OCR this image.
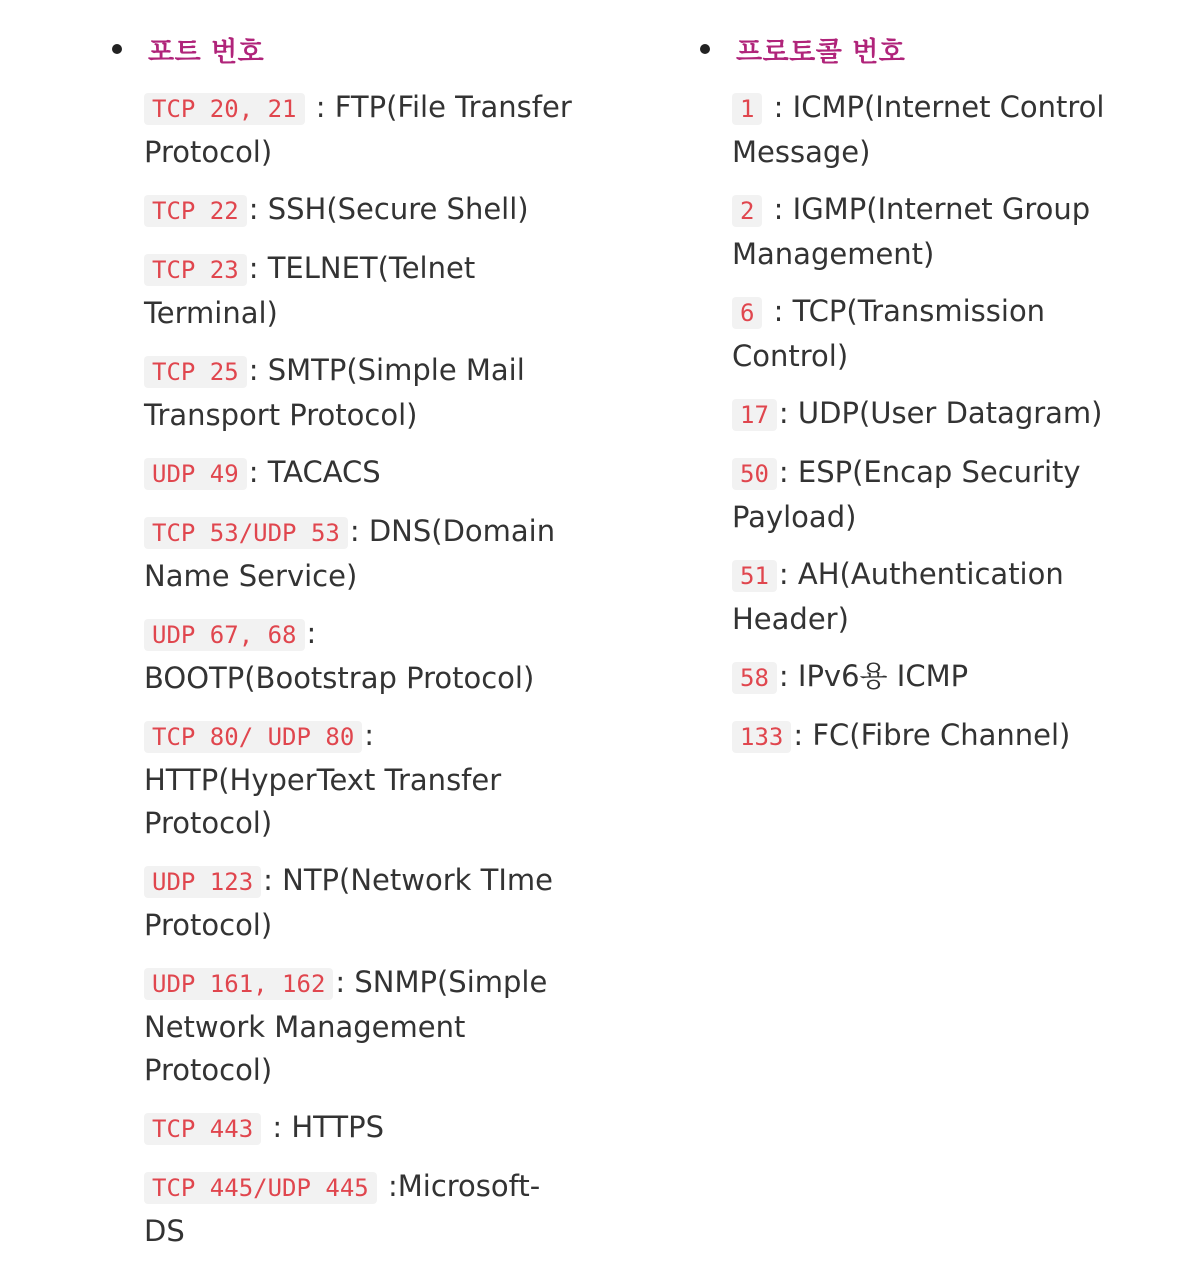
포트 번호
TCP 20, 21 : FTP(File Transfer Protocol)
TCP 22 : SSH(Secure Shell)
TCP 23 : TELNET(Telnet Terminal)
TCP 25 : SMTP(Simple Mail Transport Protocol)
UDP 49 : TACACS
TCP 53/UDP 53 : DNS(Domain Name Service)
UDP 67, 68 : BOOTP(Bootstrap Protocol)
TCP 80/ UDP 80 : HTTP(HyperText Transfer Protocol)
UDP 123 : NTP(Network TIme Protocol)
UDP 161, 162 : SNMP(Simple Network Management Protocol)
TCP 443 : HTTPS
TCP 445/UDP 445 :Microsoft-DS
프로토콜 번호
1 : ICMP(Internet Control Message)
2 : IGMP(Internet Group Management)
6 : TCP(Transmission Control)
17 : UDP(User Datagram)
50 : ESP(Encap Security Payload)
51 : AH(Authentication Header)
58 : IPv6용 ICMP
133 : FC(Fibre Channel)
